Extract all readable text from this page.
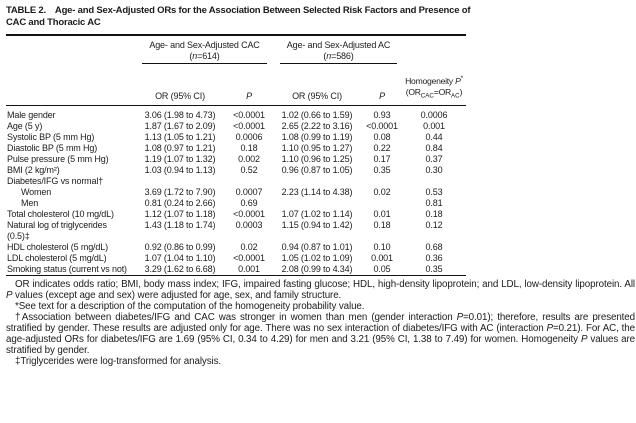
TABLE 2. Age- and Sex-Adjusted ORs for the Association Between Selected Risk Factors and Presence of
CAC and Thoracic AC

Age- and Sex-Adjusted CAC
(n=614)

Age- and Sex-Adjusted AC
(n=586)

	OR (95% CI)	P	OR (95% CI)	P	Homogeneity P*
$(OR_{CAC}=OR_{AC})$

Male gender	3.06 (1.98 to 4.73)	<0.0001	1.02 (0.66 to 1.59)	0.93	0.0006
Age (5 y)	1.87 (1.67 to 2.09)	<0.0001	2.65 (2.22 to 3.16)	<0.0001	0.001
Systolic BP (5 mm Hg)	1.13 (1.05 to 1.21)	0.0006	1.08 (0.99 to 1.19)	0.08	0.44
Diastolic BP (5 mm Hg)	1.08 (0.97 to 1.21)	0.18	1.10 (0.95 to 1.27)	0.22	0.84
Pulse pressure (5 mm Hg)	1.19 (1.07 to 1.32)	0.002	1.10 (0.96 to 1.25)	0.17	0.37
BMI (2 kg/m²)	1.03 (0.94 to 1.13)	0.52	0.96 (0.87 to 1.05)	0.35	0.30
Diabetes/IFG vs normal†					
Women	3.69 (1.72 to 7.90)	0.0007	2.23 (1.14 to 4.38)	0.02	0.53
Men	0.81 (0.24 to 2.66)	0.69			0.81
Total cholesterol (10 mg/dL)	1.12 (1.07 to 1.18)	<0.0001	1.07 (1.02 to 1.14)	0.01	0.18

Natural log of triglycerides
(0.5)‡	1.43 (1.18 to 1.74)	0.0003	1.15 (0.94 to 1.42)	0.18	0.12
HDL cholesterol (5 mg/dL)	0.92 (0.86 to 0.99)	0.02	0.94 (0.87 to 1.01)	0.10	0.68
LDL cholesterol (5 mg/dL)	1.07 (1.04 to 1.10)	<0.0001	1.05 (1.02 to 1.09)	0.001	0.36
Smoking status (current vs not)	3.29 (1.62 to 6.68)	0.001	2.08 (0.99 to 4.34)	0.05	0.35
OR indicates odds ratio; BMI, body mass index; IFG, impaired fasting glucose; HDL, high-density lipoprotein; and LDL, low-density lipoprotein. All P values (except age and sex) were adjusted for age, sex, and family structure.
*See text for a description of the computation of the homogeneity probability value.
†Association between diabetes/IFG and CAC was stronger in women than men (gender interaction P=0.01); therefore, results are presented stratified by gender. These results are adjusted only for age. There was no sex interaction of diabetes/IFG with AC (interaction P=0.21). For AC, the age-adjusted ORs for diabetes/IFG are 1.69 (95% CI, 0.34 to 4.29) for men and 3.21 (95% CI, 1.38 to 7.49) for women. Homogeneity P values are stratified by gender.
‡Triglycerides were log-transformed for analysis.
